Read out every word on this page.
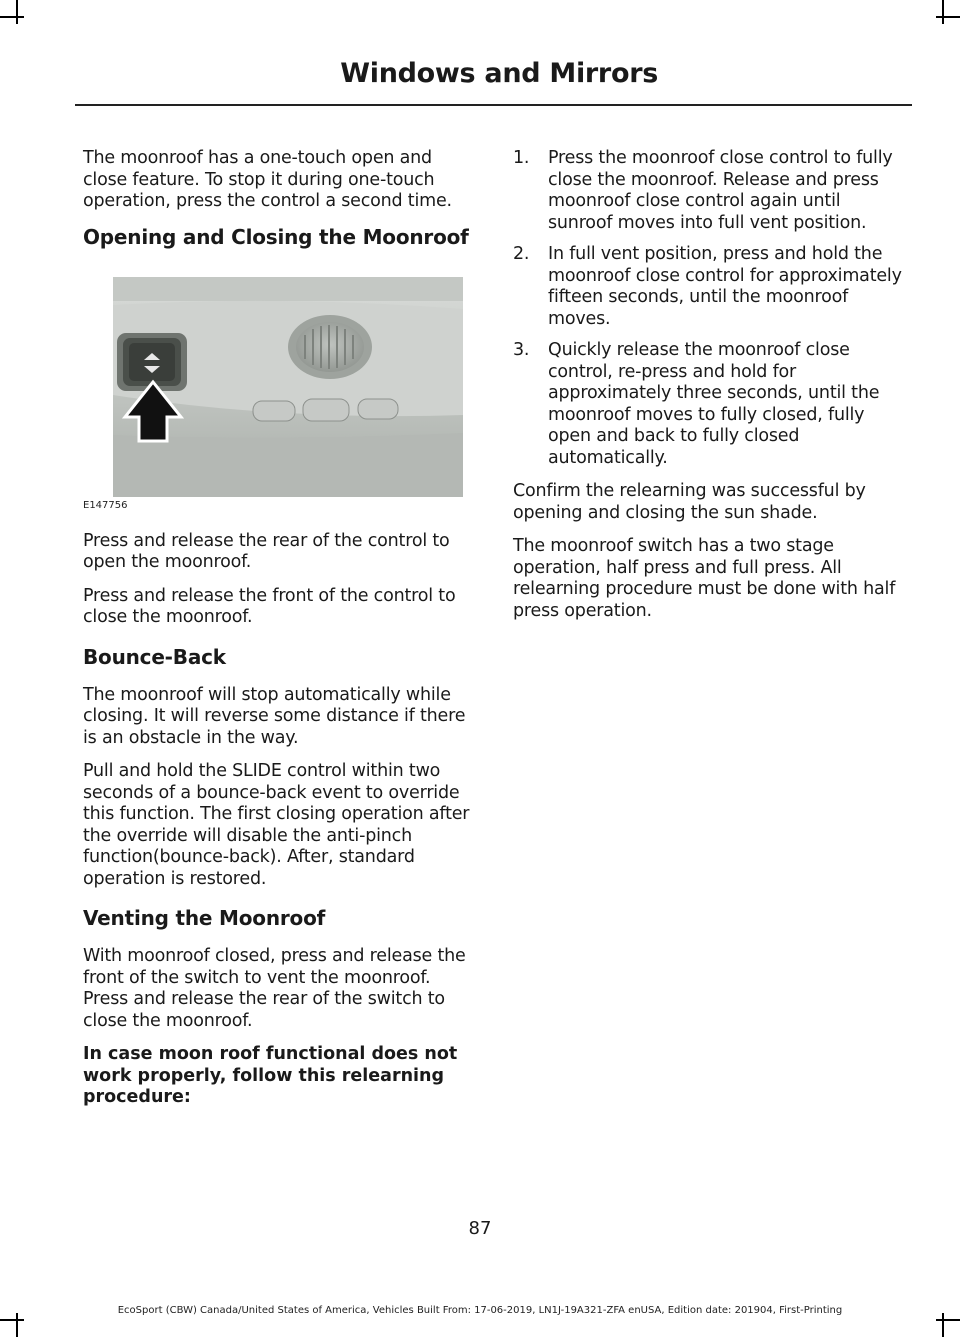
Windows and Mirrors

The moonroof has a one-touch open and close feature. To stop it during one-touch operation, press the control a second time.

Opening and Closing the Moonroof
E147756

Press and release the rear of the control to open the moonroof.

Press and release the front of the control to close the moonroof.

Bounce-Back

The moonroof will stop automatically while closing. It will reverse some distance if there is an obstacle in the way.

Pull and hold the SLIDE control within two seconds of a bounce-back event to override this function. The first closing operation after the override will disable the anti-pinch function(bounce-back). After, standard operation is restored.

Venting the Moonroof

With moonroof closed, press and release the front of the switch to vent the moonroof. Press and release the rear of the switch to close the moonroof.

In case moon roof functional does not work properly, follow this relearning procedure:
1. Press the moonroof close control to fully close the moonroof. Release and press moonroof close control again until sunroof moves into full vent position.
2. In full vent position, press and hold the moonroof close control for approximately fifteen seconds, until the moonroof moves.
3. Quickly release the moonroof close control, re-press and hold for approximately three seconds, until the moonroof moves to fully closed, fully open and back to fully closed automatically.

Confirm the relearning was successful by opening and closing the sun shade.

The moonroof switch has a two stage operation, half press and full press. All relearning procedure must be done with half press operation.

87
EcoSport (CBW) Canada/United States of America, Vehicles Built From: 17-06-2019, LN1J-19A321-ZFA enUSA, Edition date: 201904, First-Printing
